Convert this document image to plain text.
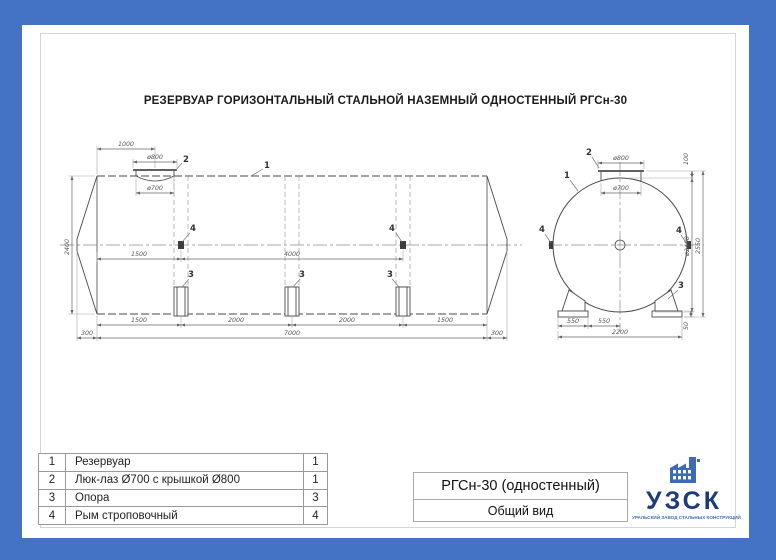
РЕЗЕРВУАР ГОРИЗОНТАЛЬНЫЙ СТАЛЬНОЙ НАЗЕМНЫЙ ОДНОСТЕННЫЙ РГСн-30
1000
ø800
ø700
2400	1500	4000
1500	2000	2000	1500
300	7000	300
1
2
4	4
3	3	3
ø800
ø700
100
ø2400 2550
50
550	550
2200
2
1
4	4
3
1	Резервуар	1
2	Люк-лаз Ø700 с крышкой Ø800	1
3	Опора	3
4	Рым строповочный	4
РГСн-30 (одностенный)
Общий вид	УЗСК
УРАЛЬСКИЙ ЗАВОД СТАЛЬНЫХ КОНСТРУКЦИЙ
